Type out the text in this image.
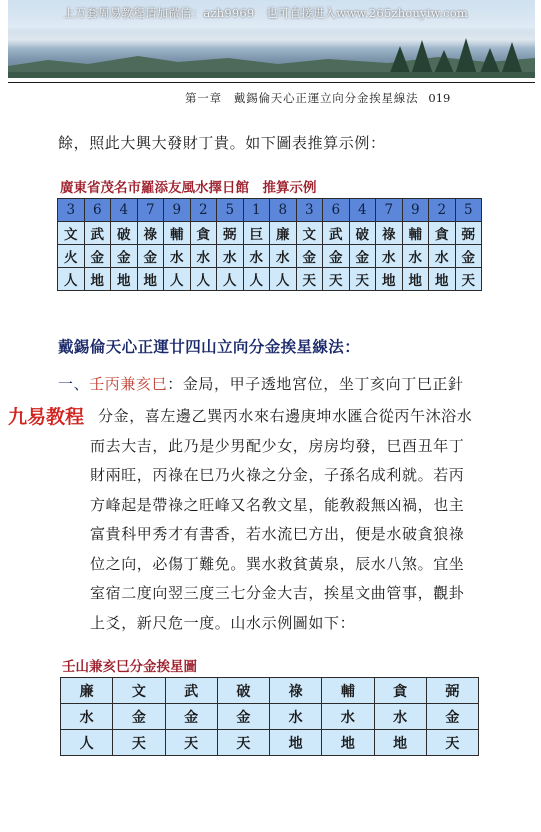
上万套周易教程请加微信：azh9969　也可直接进入www.265zhouyiw.com
第一章 戴錫倫天心正運立向分金挨星線法 019
餘，照此大興大發財丁貴。如下圖表推算示例：
廣東省茂名市羅添友風水擇日館　推算示例
3	6	4	7	9	2	5	1	8	3	6	4	7	9	2	5
文	武	破	祿	輔	貪	弼	巨	廉	文	武	破	祿	輔	貪	弼
火	金	金	金	水	水	水	水	水	金	金	金	水	水	水	金
人	地	地	地	人	人	人	人	人	天	天	天	地	地	地	天
戴錫倫天心正運廿四山立向分金挨星線法：
一、壬丙兼亥巳：金局，甲子透地宮位，坐丁亥向丁巳正針
九易教程 分金，喜左邊乙巽丙水來右邊庚坤水匯合從丙午沐浴水
而去大吉，此乃是少男配少女，房房均發，巳酉丑年丁
財兩旺，丙祿在巳乃火祿之分金，子孫名成利就。若丙
方峰起是帶祿之旺峰又名敎文星，能敎殺無凶禍，也主
富貴科甲秀才有書香，若水流巳方出，便是水破貪狼祿
位之向，必傷丁難免。巽水救貧黃泉，辰水八煞。宜坐
室宿二度向翌三度三七分金大吉，挨星文曲管事，觀卦
上爻，新尺危一度。山水示例圖如下：
壬山兼亥巳分金挨星圖
廉	文	武	破	祿	輔	貪	弼
水	金	金	金	水	水	水	金
人	天	天	天	地	地	地	天
